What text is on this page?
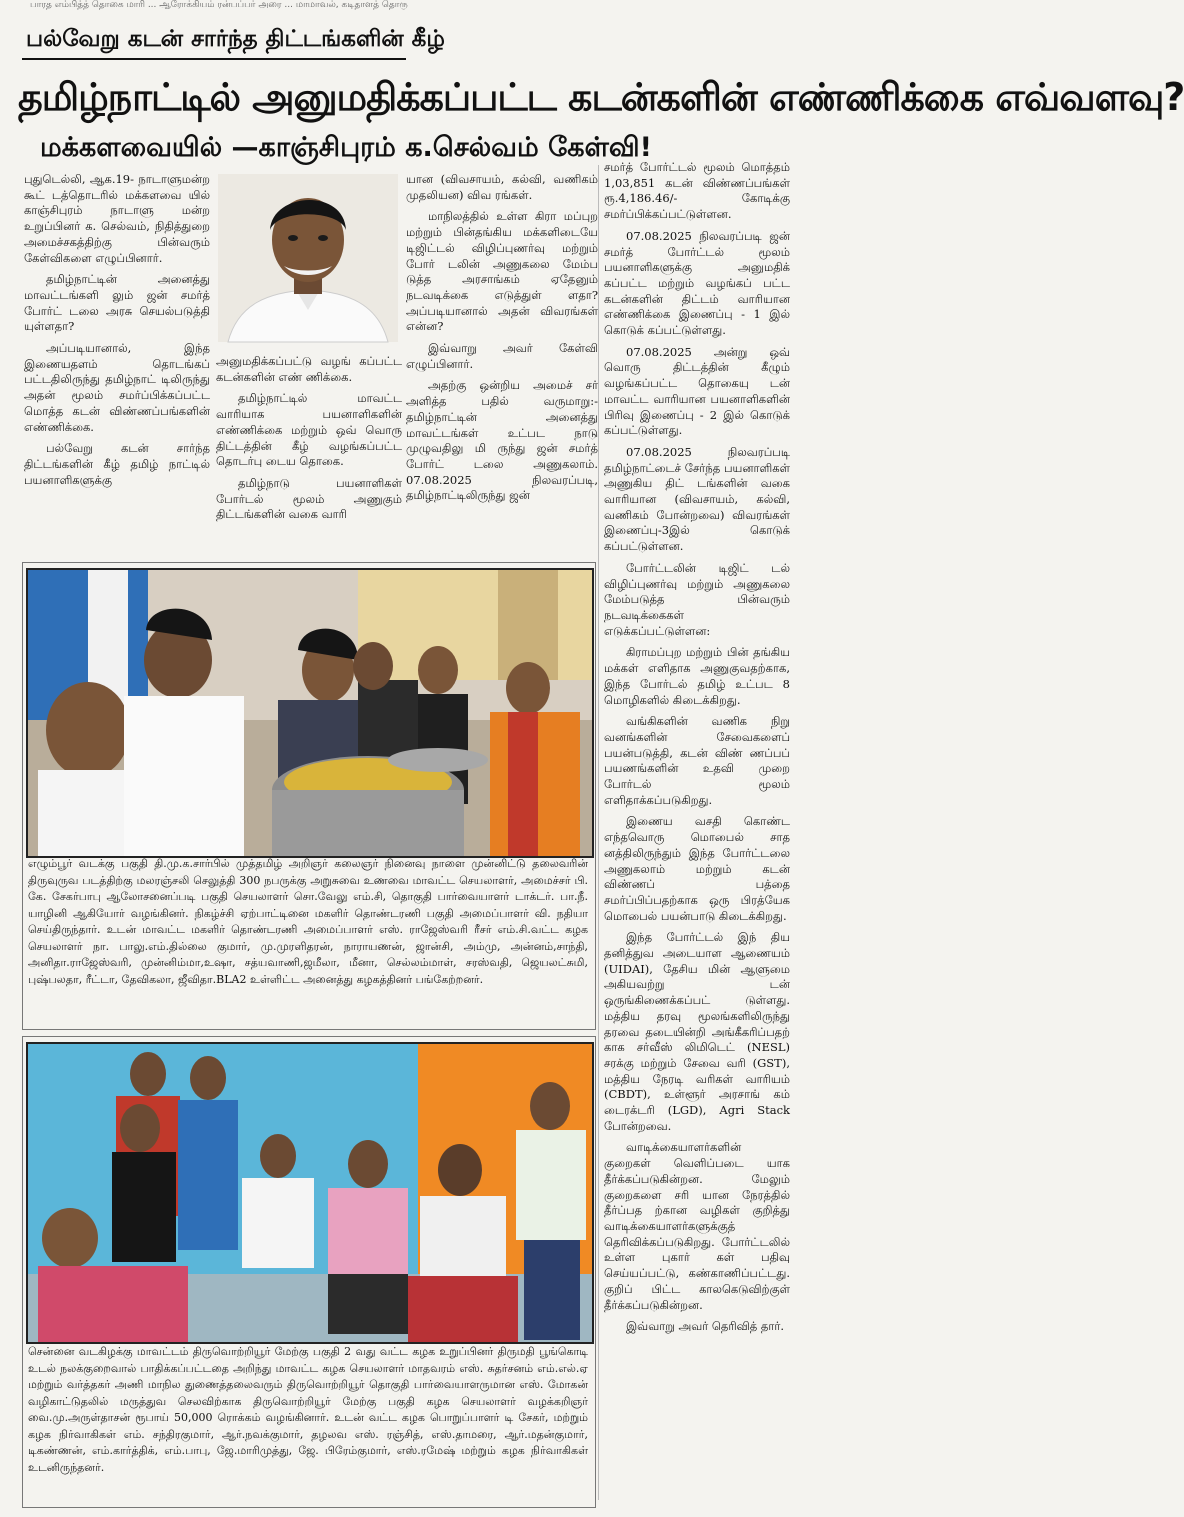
பாரத எம்பித்த் தொகை மாரி ... ஆரோக்கியம் ரன்பப்பர் அரை ... மாமாவல், கடிதாளத் தொரு
பல்வேறு கடன் சார்ந்த திட்டங்களின் கீழ்
தமிழ்நாட்டில் அனுமதிக்கப்பட்ட கடன்களின் எண்ணிக்கை எவ்வளவு?
மக்களவையில் —காஞ்சிபுரம் க.செல்வம் கேள்வி!

புதுடெல்லி, ஆக.19- நாடாளுமன்ற கூட் டத்தொடரில் மக்களவை யில் காஞ்சிபுரம் நாடாளு மன்ற உறுப்பினர் க. செல்வம், நிதித்துறை அமைச்சகத்திற்கு பின்வரும் கேள்விகளை எழுப்பினார்.

தமிழ்நாட்டின் அனைத்து மாவட்டங்களி லும் ஜன் சமர்த் போர்ட் டலை அரசு செயல்படுத்தி யுள்ளதா?

அப்படியானால், இந்த இணையதளம் தொடங்கப் பட்டதிலிருந்து தமிழ்நாட் டிலிருந்து அதன் மூலம் சமர்ப்பிக்கப்பட்ட மொத்த கடன் விண்ணப்பங்களின் எண்ணிக்கை.

பல்வேறு கடன் சார்ந்த திட்டங்களின் கீழ் தமிழ் நாட்டில் பயனாளிகளுக்கு

அனுமதிக்கப்பட்டு வழங் கப்பட்ட கடன்களின் எண் ணிக்கை.

தமிழ்நாட்டில் மாவட்ட வாரியாக பயனாளிகளின் எண்ணிக்கை மற்றும் ஒவ் வொரு திட்டத்தின் கீழ் வழங்கப்பட்ட தொடர்பு டைய தொகை.

தமிழ்நாடு பயனாளிகள் போர்டல் மூலம் அணுகும் திட்டங்களின் வகை வாரி

யான (விவசாயம், கல்வி, வணிகம் முதலியன) விவ ரங்கள்.

மாநிலத்தில் உள்ள கிரா மப்புற மற்றும் பின்தங்கிய மக்களிடையே டிஜிட்டல் விழிப்புணர்வு மற்றும் போர் டலின் அணுகலை மேம்ப டுத்த அரசாங்கம் ஏதேனும் நடவடிக்கை எடுத்துள் ளதா? அப்படியானால் அதன் விவரங்கள் என்ன?

இவ்வாறு அவர் கேள்வி எழுப்பினார்.

அதற்கு ஒன்றிய அமைச் சர் அளித்த பதில் வருமாறு:- தமிழ்நாட்டின் அனைத்து மாவட்டங்கள் உட்பட நாடு முழுவதிலு மி ருந்து ஜன் சமர்த் போர்ட் டலை அணுகலாம். 07.08.2025 நிலவரப்படி, தமிழ்நாட்டிலிருந்து ஜன்

சமர்த் போர்ட்டல் மூலம் மொத்தம் 1,03,851 கடன் விண்ணப்பங்கள் ரூ.4,186.46/- கோடிக்கு சமர்ப்பிக்கப்பட்டுள்ளன.

07.08.2025 நிலவரப்படி ஜன் சமர்த் போர்ட்டல் மூலம் பயனாளிகளுக்கு அனுமதிக் கப்பட்ட மற்றும் வழங்கப் பட்ட கடன்களின் திட்டம் வாரியான எண்ணிக்கை இணைப்பு - 1 இல் கொடுக் கப்பட்டுள்ளது.

07.08.2025 அன்று ஒவ் வொரு திட்டத்தின் கீழும் வழங்கப்பட்ட தொகையு டன் மாவட்ட வாரியான பயனாளிகளின் பிரிவு இணைப்பு - 2 இல் கொடுக் கப்பட்டுள்ளது.

07.08.2025 நிலவரப்படி தமிழ்நாட்டைச் சேர்ந்த பயனாளிகள் அணுகிய திட் டங்களின் வகை வாரியான (விவசாயம், கல்வி, வணிகம் போன்றவை) விவரங்கள் இணைப்பு-3இல் கொடுக் கப்பட்டுள்ளன.

போர்ட்டலின் டிஜிட் டல் விழிப்புணர்வு மற்றும் அணுகலை மேம்படுத்த பின்வரும் நடவடிக்கைகள் எடுக்கப்பட்டுள்ளன:

கிராமப்புற மற்றும் பின் தங்கிய மக்கள் எளிதாக அணுகுவதற்காக, இந்த போர்டல் தமிழ் உட்பட 8 மொழிகளில் கிடைக்கிறது.

வங்கிகளின் வணிக நிறு வனங்களின் சேவைகளைப் பயன்படுத்தி, கடன் விண் ணப்பப் பயணங்களின் உதவி முறை போர்டல் மூலம் எளிதாக்கப்படுகிறது.

இணைய வசதி கொண்ட எந்தவொரு மொபைல் சாத னத்திலிருந்தும் இந்த போர்ட்டலை அணுகலாம் மற்றும் கடன் விண்ணப் பத்தை சமர்ப்பிப்பதற்காக ஒரு பிரத்யேக மொபைல் பயன்பாடு கிடைக்கிறது.

இந்த போர்ட்டல் இந் திய தனித்துவ அடையாள ஆணையம் (UIDAI), தேசிய மின் ஆளுமை அகியவற்று டன் ஒருங்கிணைக்கப்பட் டுள்ளது. மத்திய தரவு மூலங்களிலிருந்து தரவை தடையின்றி அங்கீகரிப்பதற் காக சர்வீஸ் லிமிடெட் (NESL) சரக்கு மற்றும் சேவை வரி (GST), மத்திய நேரடி வரிகள் வாரியம் (CBDT), உள்ளூர் அரசாங் கம் டைரக்டரி (LGD), Agri Stack போன்றவை.

வாடிக்கையாளர்களின் குறைகள் வெளிப்படை யாக தீர்க்கப்படுகின்றன. மேலும் குறைகளை சரி யான நேரத்தில் தீர்ப்பத ற்கான வழிகள் குறித்து வாடிக்கையாளர்களுக்குத் தெரிவிக்கப்படுகிறது. போர்ட்டலில் உள்ள புகார் கள் பதிவு செய்யப்பட்டு, கண்காணிப்பட்டது. குறிப் பிட்ட காலகெடுவிற்குள் தீர்க்கப்படுகின்றன.

இவ்வாறு அவர் தெரிவித் தார்.

எழும்பூர் வடக்கு பகுதி தி.மு.க.சார்பில் முத்தமிழ் அறிஞர் கலைஞர் நினைவு நாளை முன்னிட்டு தலைவரின் திருவுருவ படத்திற்கு மலரஞ்சலி செலுத்தி 300 நபருக்கு அறுசுவை உணவை மாவட்ட செயலாளர், அமைச்சர் பி. கே. சேகர்பாபு ஆலோசனைப்படி பகுதி செயலாளர் சொ.வேலு எம்.சி, தொகுதி பார்வையாளர் டாக்டர். பா.நீ. யாழினி ஆகியோர் வழங்கினர். நிகழ்ச்சி ஏற்பாட்டினை மகளிர் தொண்டரணி பகுதி அமைப்பாளர் வி. நதியா செய்திருந்தார். உடன் மாவட்ட மகளிர் தொண்டரணி அமைப்பாளர் எஸ். ராஜேஸ்வரி ரீசர் எம்.சி.வட்ட கழக செயலாளர் நா. பாலு.எம்.தில்லை குமார், மு.முரளிதரன், நாராயணன், ஜான்சி, அம்மு, அன்னம்,சாந்தி, அனிதா.ராஜேஸ்வரி, முன்னிம்மா,உஷா, சத்யவாணி,ஜமீலா, மீனா, செல்லம்மாள், சரஸ்வதி, ஜெயலட்சுமி, புஷ்பலதா, ரீட்டா, தேவிகலா, ஜீவிதா.BLA2 உள்ளிட்ட அனைத்து கழகத்தினர் பங்கேற்றனர்.
சென்னை வடகிழக்கு மாவட்டம் திருவொற்றியூர் மேற்கு பகுதி 2 வது வட்ட கழக உறுப்பினர் திருமதி பூங்கொடி உடல் நலக்குறைவால் பாதிக்கப்பட்டதை அறிந்து மாவட்ட கழக செயலாளர் மாதவரம் எஸ். சுதர்சனம் எம்.எல்.ஏ மற்றும் வர்த்தகர் அணி மாநில துணைத்தலைவரும் திருவொற்றியூர் தொகுதி பார்வையாளருமான எஸ். மோகன் வழிகாட்டுதலில் மருத்துவ செலவிற்காக திருவொற்றியூர் மேற்கு பகுதி கழக செயலாளர் வழக்கறிஞர் வை.மு.அருள்தாசன் ரூபாய் 50,000 ரொக்கம் வழங்கினார். உடன் வட்ட கழக பொறுப்பாளர் டி சேகர், மற்றும் கழக நிர்வாகிகள் எம். சந்திரகுமார், ஆர்.நவக்குமார், தழலவ எஸ். ரஞ்சித், எஸ்.தாமரை, ஆர்.மதன்குமார், டிகண்ணன், எம்.கார்த்திக், எம்.பாபு, ஜே.மாரிமுத்து, ஜே. பிரேம்குமார், எஸ்.ரமேஷ் மற்றும் கழக நிர்வாகிகள் உடனிருந்தனர்.
